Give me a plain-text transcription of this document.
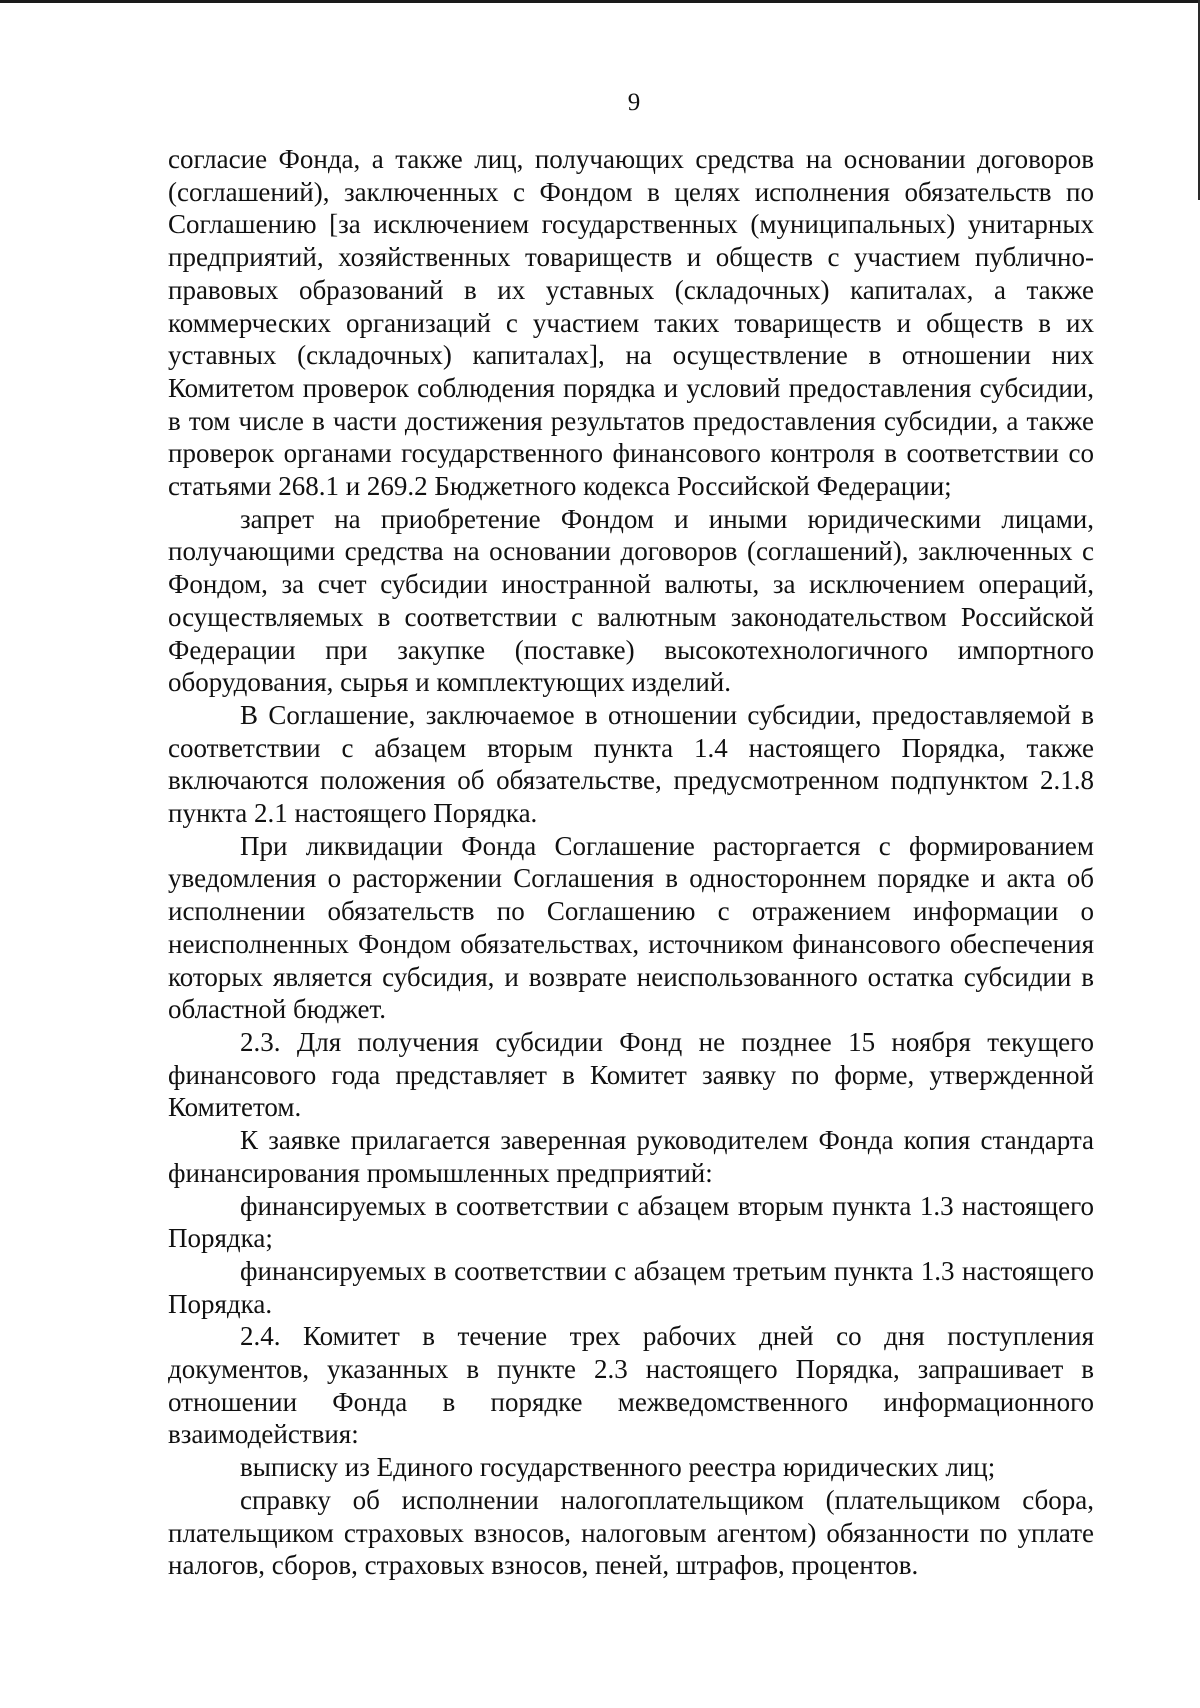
9

согласие Фонда, а также лиц, получающих средства на основании договоров (соглашений), заключенных с Фондом в целях исполнения обязательств по Соглашению [за исключением государственных (муниципальных) унитарных предприятий, хозяйственных товариществ и обществ с участием публично-правовых образований в их уставных (складочных) капиталах, а также коммерческих организаций с участием таких товариществ и обществ в их уставных (складочных) капиталах], на осуществление в отношении них Комитетом проверок соблюдения порядка и условий предоставления субсидии, в том числе в части достижения результатов предоставления субсидии, а также проверок органами государственного финансового контроля в соответствии со статьями 268.1 и 269.2 Бюджетного кодекса Российской Федерации;

запрет на приобретение Фондом и иными юридическими лицами, получающими средства на основании договоров (соглашений), заключенных с Фондом, за счет субсидии иностранной валюты, за исключением операций, осуществляемых в соответствии с валютным законодательством Российской Федерации при закупке (поставке) высокотехнологичного импортного оборудования, сырья и комплектующих изделий.

В Соглашение, заключаемое в отношении субсидии, предоставляемой в соответствии с абзацем вторым пункта 1.4 настоящего Порядка, также включаются положения об обязательстве, предусмотренном подпунктом 2.1.8 пункта 2.1 настоящего Порядка.

При ликвидации Фонда Соглашение расторгается с формированием уведомления о расторжении Соглашения в одностороннем порядке и акта об исполнении обязательств по Соглашению с отражением информации о неисполненных Фондом обязательствах, источником финансового обеспечения которых является субсидия, и возврате неиспользованного остатка субсидии в областной бюджет.

2.3. Для получения субсидии Фонд не позднее 15 ноября текущего финансового года представляет в Комитет заявку по форме, утвержденной Комитетом.

К заявке прилагается заверенная руководителем Фонда копия стандарта финансирования промышленных предприятий:

финансируемых в соответствии с абзацем вторым пункта 1.3 настоящего Порядка;

финансируемых в соответствии с абзацем третьим пункта 1.3 настоящего Порядка.

2.4. Комитет в течение трех рабочих дней со дня поступления документов, указанных в пункте 2.3 настоящего Порядка, запрашивает в отношении Фонда в порядке межведомственного информационного взаимодействия:

выписку из Единого государственного реестра юридических лиц;

справку об исполнении налогоплательщиком (плательщиком сбора, плательщиком страховых взносов, налоговым агентом) обязанности по уплате налогов, сборов, страховых взносов, пеней, штрафов, процентов.
